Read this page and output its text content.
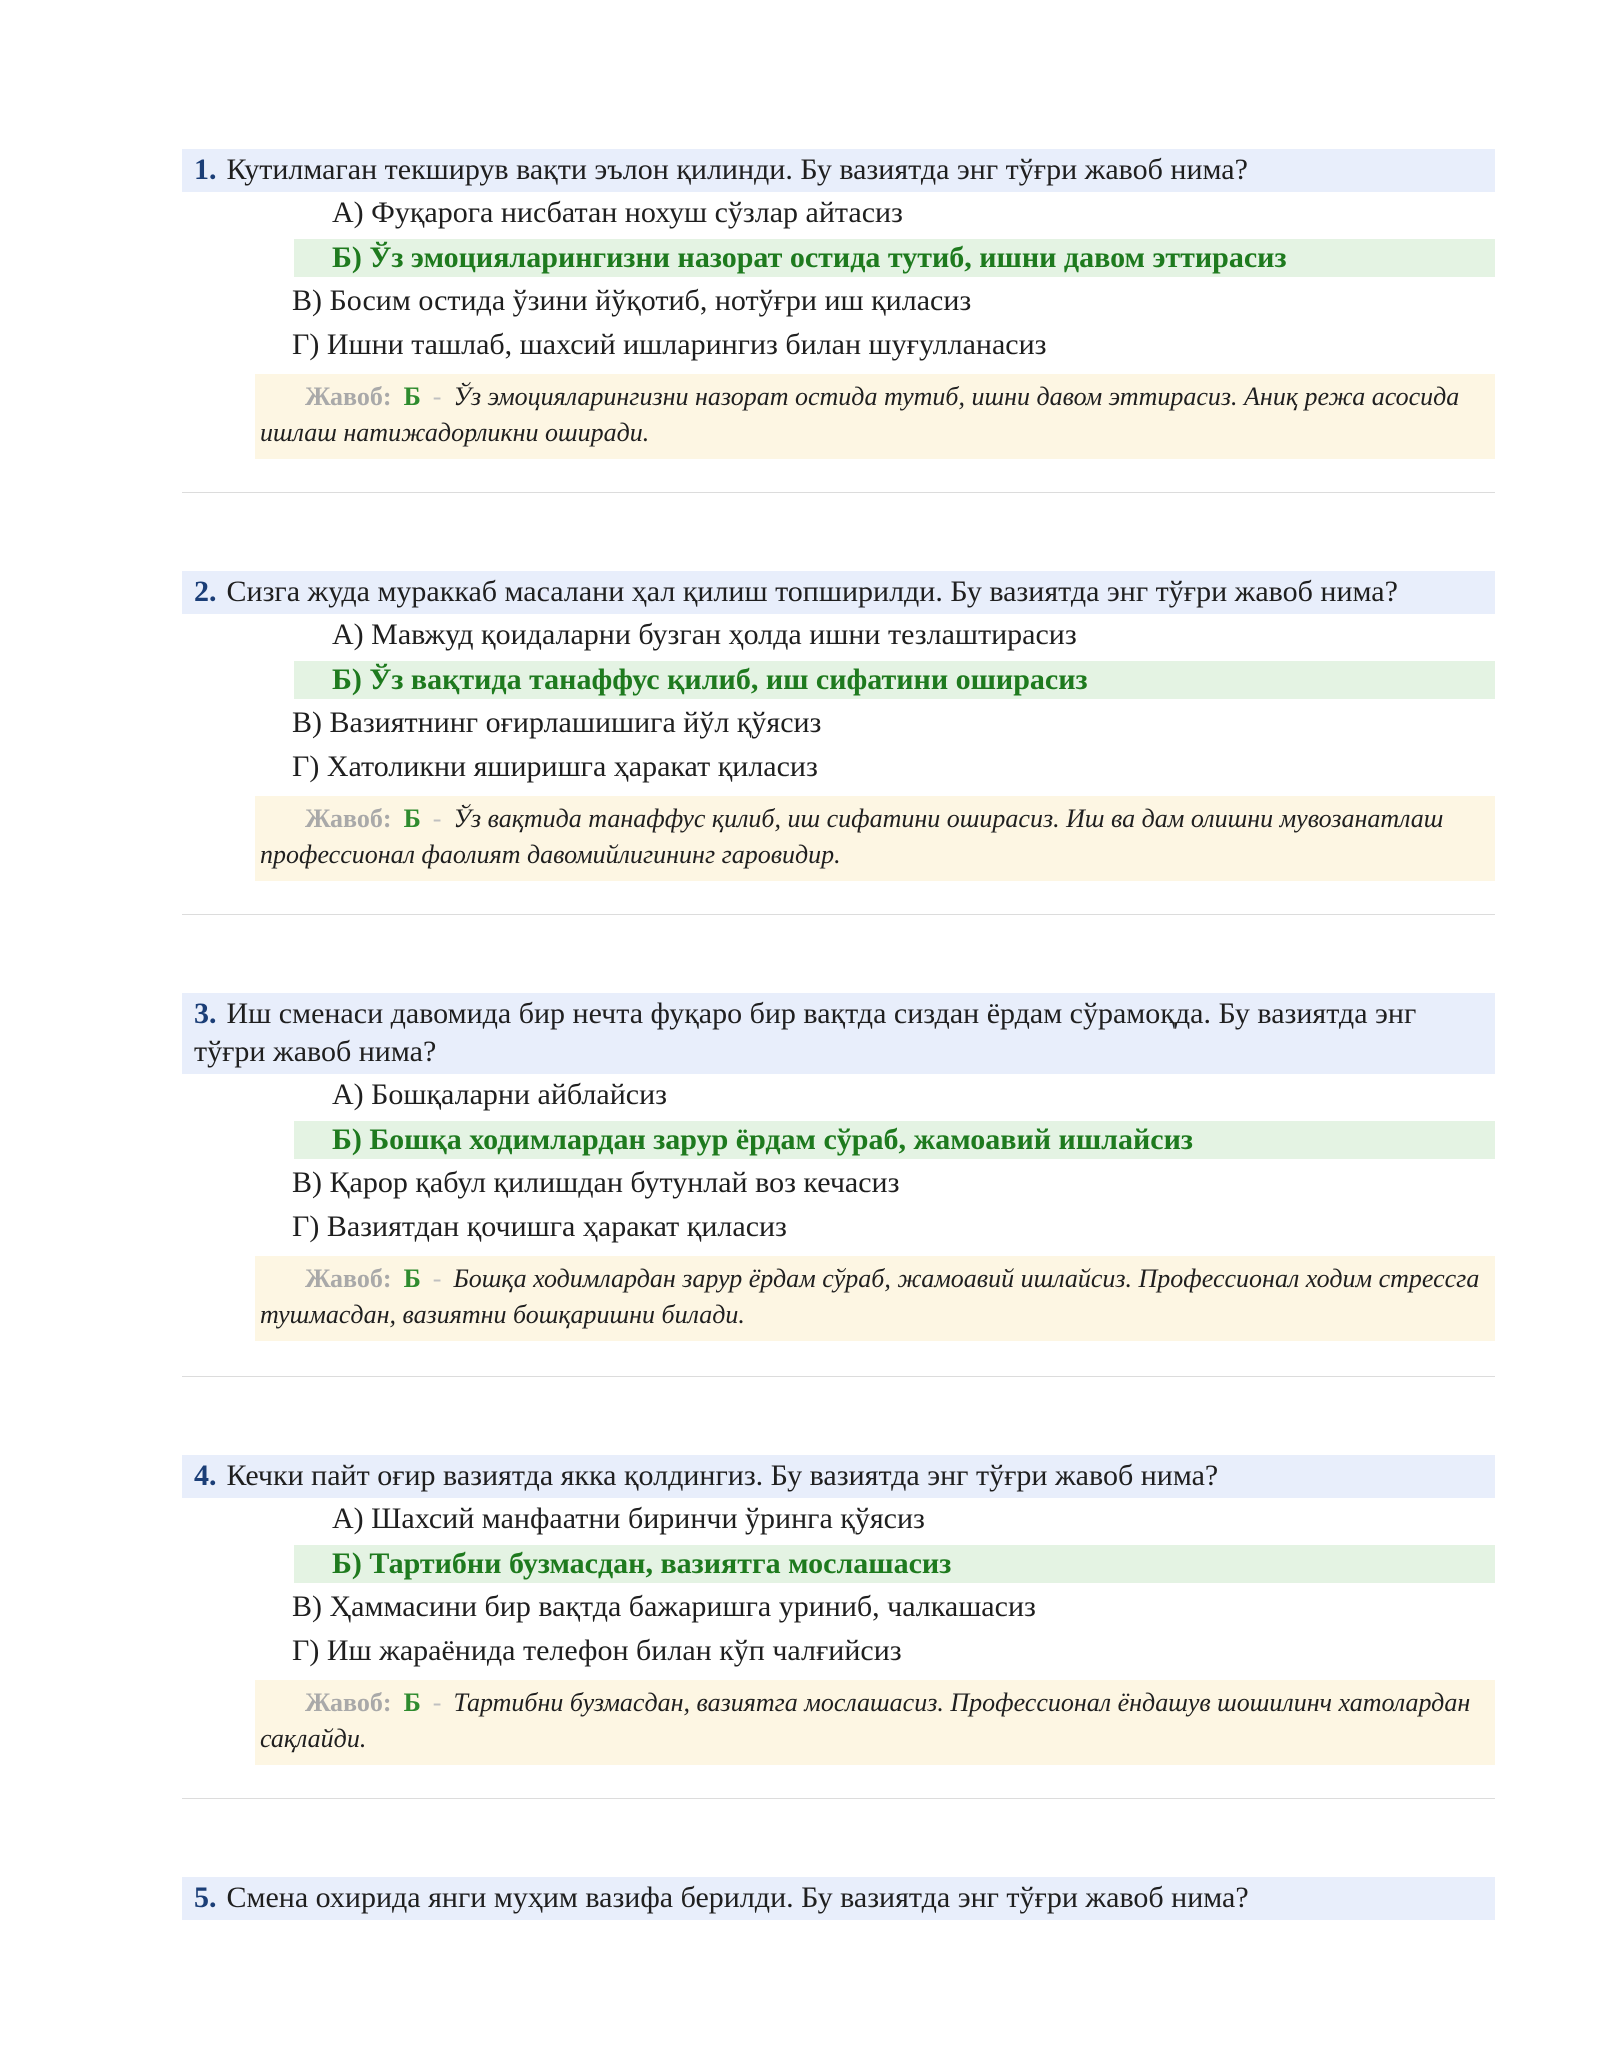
1. Кутилмаган текширув вақти эълон қилинди. Бу вазиятда энг тўғри жавоб нима?
А) Фуқарога нисбатан нохуш сўзлар айтасиз
Б) Ўз эмоцияларингизни назорат остида тутиб, ишни давом эттирасиз
В) Босим остида ўзини йўқотиб, нотўғри иш қиласиз
Г) Ишни ташлаб, шахсий ишларингиз билан шуғулланасиз
Жавоб: Б - Ўз эмоцияларингизни назорат остида тутиб, ишни давом эттирасиз. Аниқ режа асосида ишлаш натижадорликни оширади.
2. Сизга жуда мураккаб масалани ҳал қилиш топширилди. Бу вазиятда энг тўғри жавоб нима?
А) Мавжуд қоидаларни бузган ҳолда ишни тезлаштирасиз
Б) Ўз вақтида танаффус қилиб, иш сифатини оширасиз
В) Вазиятнинг оғирлашишига йўл қўясиз
Г) Хатоликни яширишга ҳаракат қиласиз
Жавоб: Б - Ўз вақтида танаффус қилиб, иш сифатини оширасиз. Иш ва дам олишни мувозанатлаш профессионал фаолият давомийлигининг гаровидир.
3. Иш сменаси давомида бир нечта фуқаро бир вақтда сиздан ёрдам сўрамоқда. Бу вазиятда энг тўғри жавоб нима?
А) Бошқаларни айблайсиз
Б) Бошқа ходимлардан зарур ёрдам сўраб, жамоавий ишлайсиз
В) Қарор қабул қилишдан бутунлай воз кечасиз
Г) Вазиятдан қочишга ҳаракат қиласиз
Жавоб: Б - Бошқа ходимлардан зарур ёрдам сўраб, жамоавий ишлайсиз. Профессионал ходим стрессга тушмасдан, вазиятни бошқаришни билади.
4. Кечки пайт оғир вазиятда якка қолдингиз. Бу вазиятда энг тўғри жавоб нима?
А) Шахсий манфаатни биринчи ўринга қўясиз
Б) Тартибни бузмасдан, вазиятга мослашасиз
В) Ҳаммасини бир вақтда бажаришга уриниб, чалкашасиз
Г) Иш жараёнида телефон билан кўп чалғийсиз
Жавоб: Б - Тартибни бузмасдан, вазиятга мослашасиз. Профессионал ёндашув шошилинч хатолардан сақлайди.
5. Смена охирида янги муҳим вазифа берилди. Бу вазиятда энг тўғри жавоб нима?
